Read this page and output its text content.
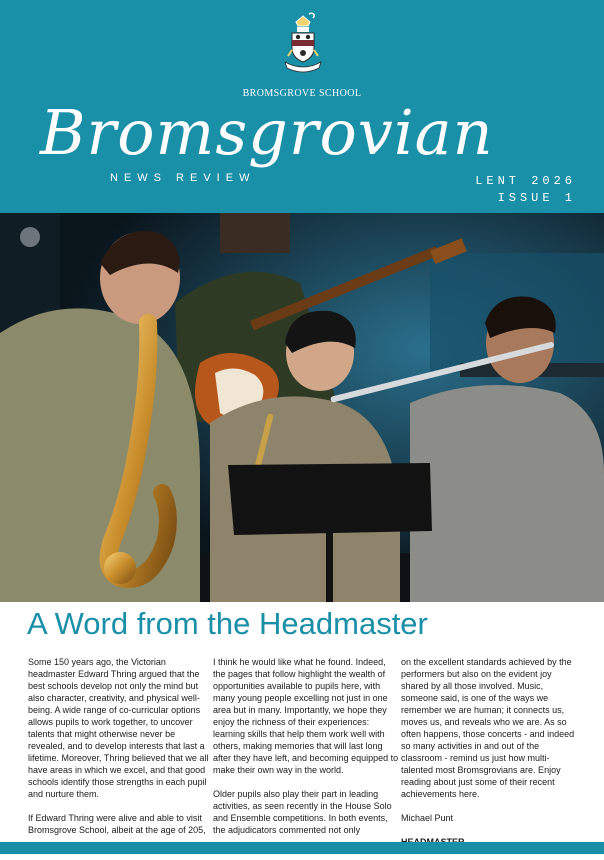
BROMSGROVE SCHOOL
Bromsgrovian
NEWS REVIEW	LENT 2026
ISSUE 1
A Word from the Headmaster

Some 150 years ago, the Victorian headmaster Edward Thring argued that the best schools develop not only the mind but also character, creativity, and physical well-being. A wide range of co-curricular options allows pupils to work together, to uncover talents that might otherwise never be revealed, and to develop interests that last a lifetime. Moreover, Thring believed that we all have areas in which we excel, and that good schools identify those strengths in each pupil and nurture them.

If Edward Thring were alive and able to visit Bromsgrove School, albeit at the age of 205,

I think he would like what he found. Indeed, the pages that follow highlight the wealth of opportunities available to pupils here, with many young people excelling not just in one area but in many. Importantly, we hope they enjoy the richness of their experiences: learning skills that help them work well with others, making memories that will last long after they have left, and becoming equipped to make their own way in the world.

Older pupils also play their part in leading activities, as seen recently in the House Solo and Ensemble competitions. In both events, the adjudicators commented not only

on the excellent standards achieved by the performers but also on the evident joy shared by all those involved. Music, someone said, is one of the ways we remember we are human; it connects us, moves us, and reveals who we are. As so often happens, those concerts - and indeed so many activities in and out of the classroom - remind us just how multi-talented most Bromsgrovians are. Enjoy reading about just some of their recent achievements here.

Michael Punt
